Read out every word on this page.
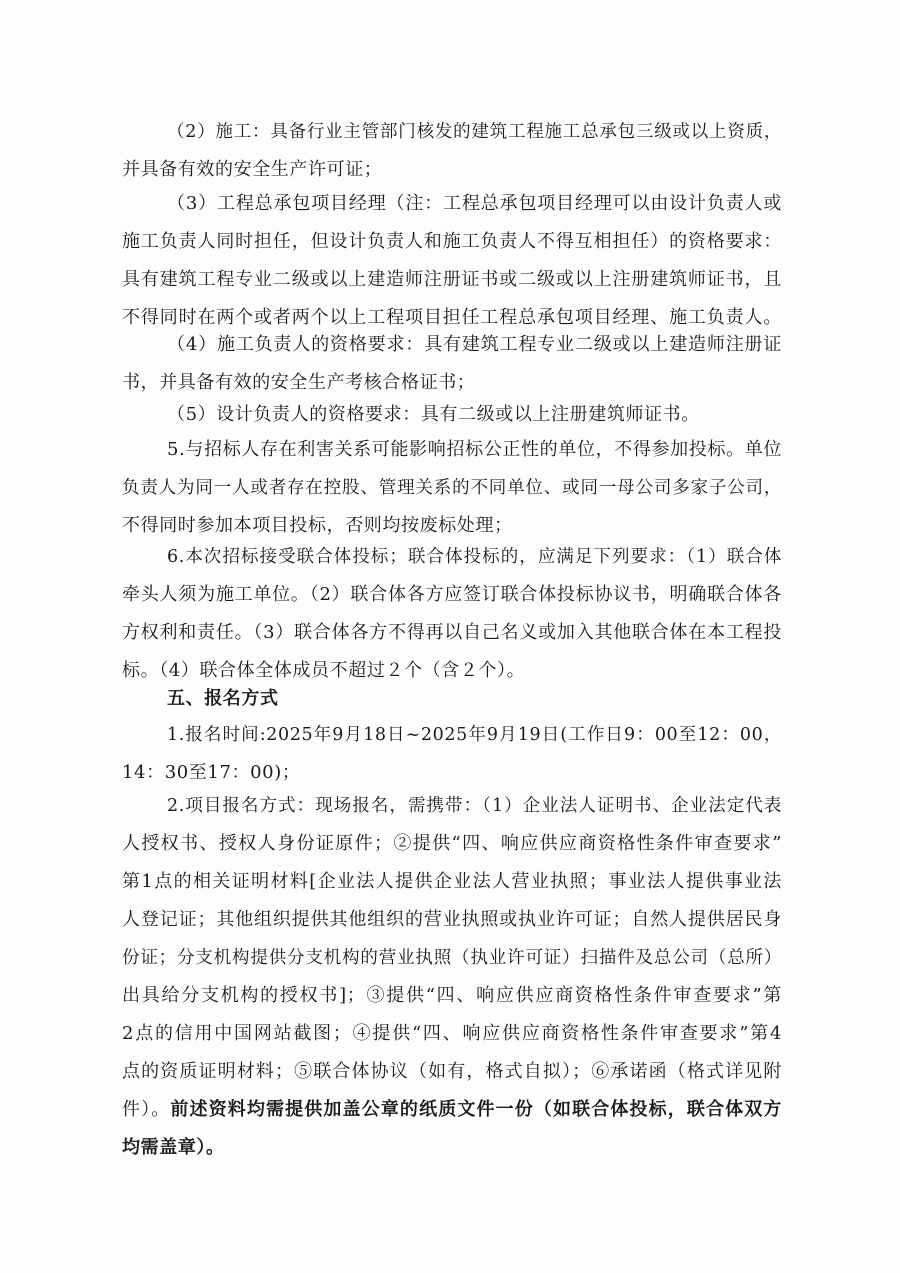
（2）施工：具备行业主管部门核发的建筑工程施工总承包三级或以上资质，
并具备有效的安全生产许可证；
（3）工程总承包项目经理（注：工程总承包项目经理可以由设计负责人或
施工负责人同时担任，但设计负责人和施工负责人不得互相担任）的资格要求：
具有建筑工程专业二级或以上建造师注册证书或二级或以上注册建筑师证书，且
不得同时在两个或者两个以上工程项目担任工程总承包项目经理、施工负责人。
（4）施工负责人的资格要求：具有建筑工程专业二级或以上建造师注册证
书，并具备有效的安全生产考核合格证书；
（5）设计负责人的资格要求：具有二级或以上注册建筑师证书。
5.与招标人存在利害关系可能影响招标公正性的单位，不得参加投标。单位
负责人为同一人或者存在控股、管理关系的不同单位、或同一母公司多家子公司，
不得同时参加本项目投标，否则均按废标处理；
6.本次招标接受联合体投标；联合体投标的，应满足下列要求：（1）联合体
牵头人须为施工单位。（2）联合体各方应签订联合体投标协议书，明确联合体各
方权利和责任。（3）联合体各方不得再以自己名义或加入其他联合体在本工程投
标。（4）联合体全体成员不超过２个（含２个）。
五、报名方式
1.报名时间:2025年9月18日~2025年9月19日(工作日9：00至12：00，
14：30至17：00)；
2.项目报名方式：现场报名，需携带：（1）企业法人证明书、企业法定代表
人授权书、授权人身份证原件；②提供“四、响应供应商资格性条件审查要求”
第1点的相关证明材料[企业法人提供企业法人营业执照；事业法人提供事业法
人登记证；其他组织提供其他组织的营业执照或执业许可证；自然人提供居民身
份证；分支机构提供分支机构的营业执照（执业许可证）扫描件及总公司（总所）
出具给分支机构的授权书]；③提供“四、响应供应商资格性条件审查要求”第
2点的信用中国网站截图；④提供“四、响应供应商资格性条件审查要求”第4
点的资质证明材料；⑤联合体协议（如有，格式自拟）；⑥承诺函（格式详见附
件）。前述资料均需提供加盖公章的纸质文件一份（如联合体投标，联合体双方
均需盖章）。
